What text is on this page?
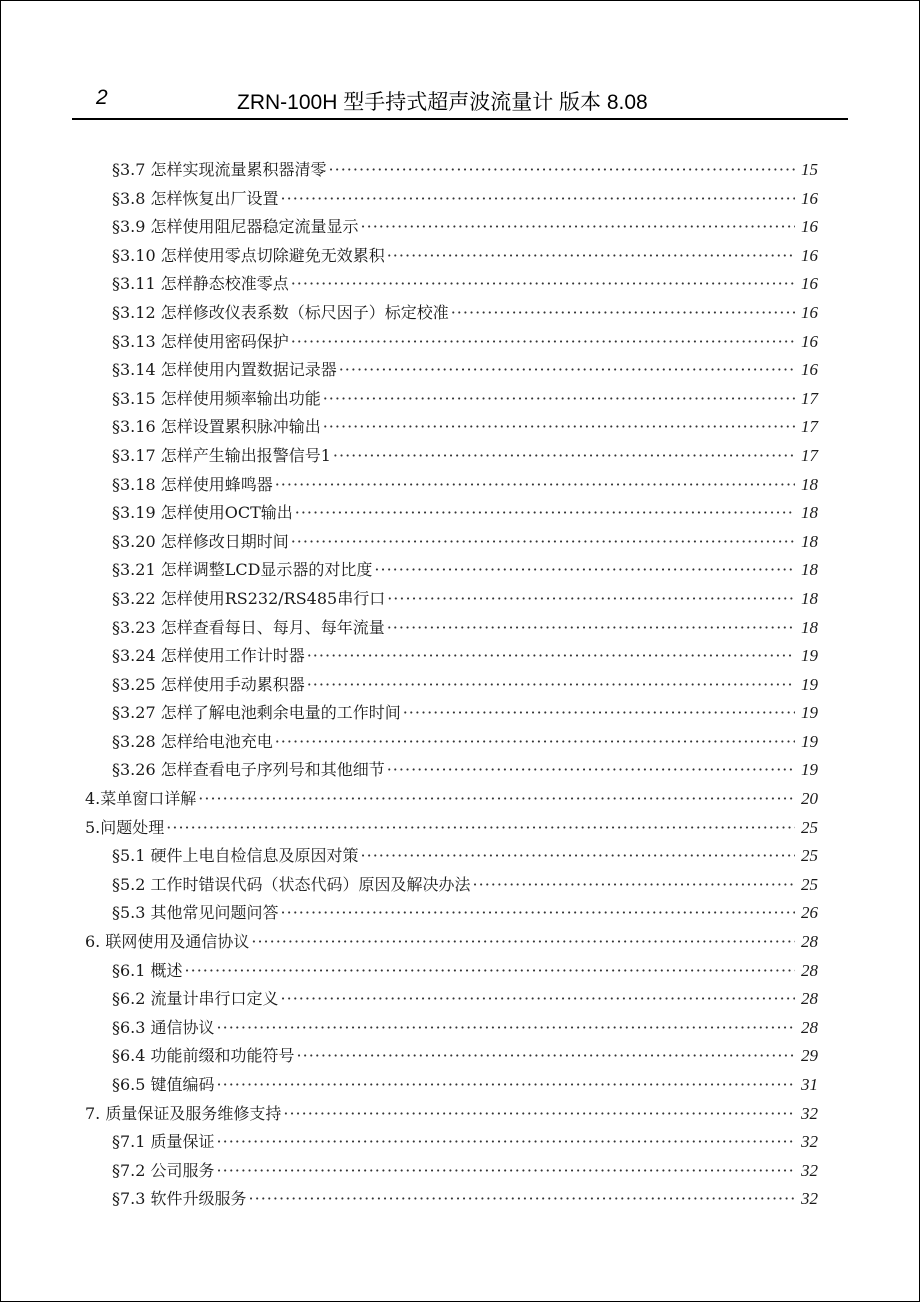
2	ZRN-100H 型手持式超声波流量计 版本 8.08
§3.7 怎样实现流量累积器清零 ·····	15
§3.8 怎样恢复出厂设置 ·····	16
§3.9 怎样使用阻尼器稳定流量显示 ·····	16
§3.10 怎样使用零点切除避免无效累积 ·····	16
§3.11 怎样静态校准零点 ·····	16
§3.12 怎样修改仪表系数（标尺因子）标定校准 ·····	16
§3.13 怎样使用密码保护 ·····	16
§3.14 怎样使用内置数据记录器 ·····	16
§3.15 怎样使用频率输出功能 ·····	17
§3.16 怎样设置累积脉冲输出 ·····	17
§3.17 怎样产生输出报警信号1 ·····	17
§3.18 怎样使用蜂鸣器 ·····	18
§3.19 怎样使用OCT输出 ·····	18
§3.20 怎样修改日期时间 ·····	18
§3.21 怎样调整LCD显示器的对比度 ·····	18
§3.22 怎样使用RS232/RS485串行口 ·····	18
§3.23 怎样查看每日、每月、每年流量 ·····	18
§3.24 怎样使用工作计时器 ·····	19
§3.25 怎样使用手动累积器 ·····	19
§3.27 怎样了解电池剩余电量的工作时间 ·····	19
§3.28 怎样给电池充电 ·····	19
§3.26 怎样查看电子序列号和其他细节 ·····	19
4.菜单窗口详解 ·····	20
5.问题处理 ·····	25
§5.1 硬件上电自检信息及原因对策 ·····	25
§5.2 工作时错误代码（状态代码）原因及解决办法 ·····	25
§5.3 其他常见问题问答 ·····	26
6. 联网使用及通信协议 ·····	28
§6.1 概述 ·····	28
§6.2 流量计串行口定义 ·····	28
§6.3 通信协议 ·····	28
§6.4 功能前缀和功能符号 ·····	29
§6.5 键值编码 ·····	31
7. 质量保证及服务维修支持 ·····	32
§7.1 质量保证 ·····	32
§7.2 公司服务 ·····	32
§7.3 软件升级服务 ·····	32
